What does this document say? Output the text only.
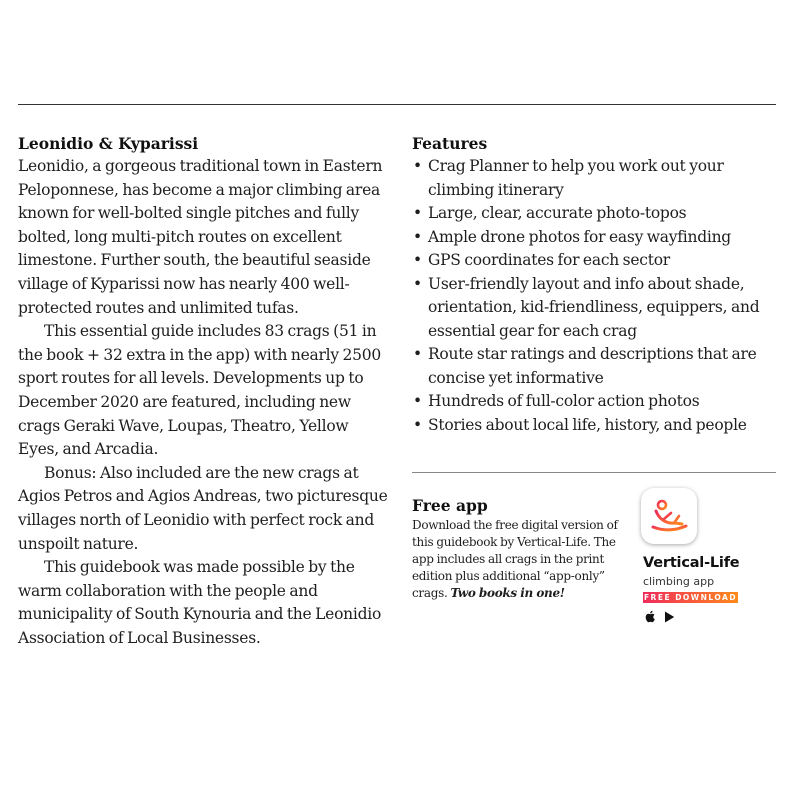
Leonidio & Kyparissi

Leonidio, a gorgeous traditional town in Eastern Peloponnese, has become a major climbing area known for well-bolted single pitches and fully bolted, long multi-pitch routes on excellent limestone. Further south, the beautiful seaside village of Kyparissi now has nearly 400 well-protected routes and unlimited tufas.

This essential guide includes 83 crags (51 in the book + 32 extra in the app) with nearly 2500 sport routes for all levels. Developments up to December 2020 are featured, including new crags Geraki Wave, Loupas, Theatro, Yellow Eyes, and Arcadia.

Bonus: Also included are the new crags at Agios Petros and Agios Andreas, two picturesque villages north of Leonidio with perfect rock and unspoilt nature.

This guidebook was made possible by the warm collaboration with the people and municipality of South Kynouria and the Leonidio Association of Local Businesses.

Features
• Crag Planner to help you work out your climbing itinerary
• Large, clear, accurate photo-topos
• Ample drone photos for easy wayfinding
• GPS coordinates for each sector
• User-friendly layout and info about shade, orientation, kid-friendliness, equippers, and essential gear for each crag
• Route star ratings and descriptions that are concise yet informative
• Hundreds of full-color action photos
• Stories about local life, history, and people
Free app

Download the free digital version of this guidebook by Vertical-Life. The app includes all crags in the print edition plus additional “app-only” crags. Two books in one!

Vertical-Life
climbing app
FREE DOWNLOAD
